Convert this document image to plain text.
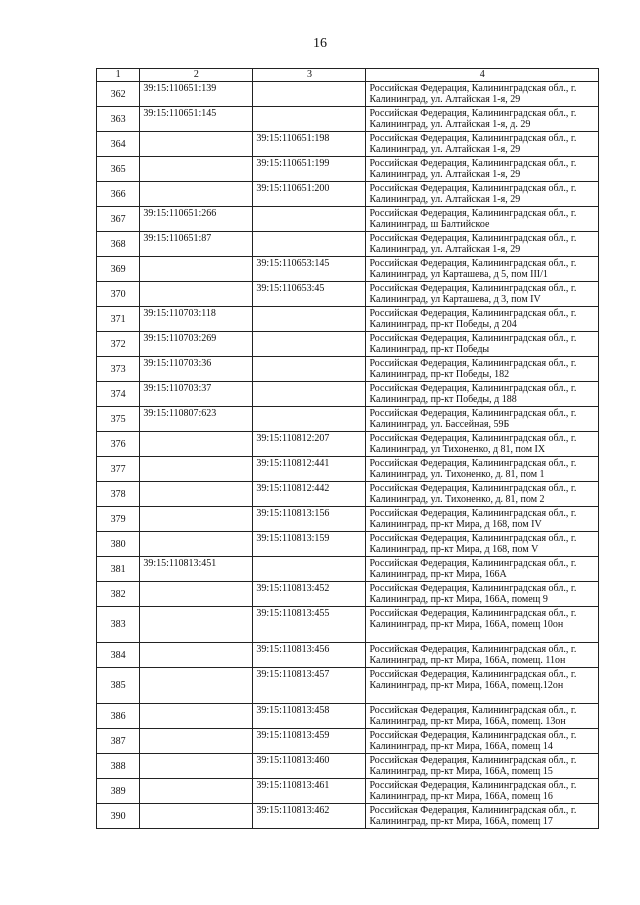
16
1	2	3	4
362	39:15:110651:139		Российская Федерация, Калининградская обл., г. Калининград, ул. Алтайская 1-я, 29
363	39:15:110651:145		Российская Федерация, Калининградская обл., г. Калининград, ул. Алтайская 1-я, д. 29
364		39:15:110651:198	Российская Федерация, Калининградская обл., г. Калининград, ул. Алтайская 1-я, 29
365		39:15:110651:199	Российская Федерация, Калининградская обл., г. Калининград, ул. Алтайская 1-я, 29
366		39:15:110651:200	Российская Федерация, Калининградская обл., г. Калининград, ул. Алтайская 1-я, 29
367	39:15:110651:266		Российская Федерация, Калининградская обл., г. Калининград, ш Балтийское
368	39:15:110651:87		Российская Федерация, Калининградская обл., г. Калининград, ул. Алтайская 1-я, 29
369		39:15:110653:145	Российская Федерация, Калининградская обл., г. Калининград, ул Карташева, д 5, пом III/1
370		39:15:110653:45	Российская Федерация, Калининградская обл., г. Калининград, ул Карташева, д 3, пом IV
371	39:15:110703:118		Российская Федерация, Калининградская обл., г. Калининград, пр-кт Победы, д 204
372	39:15:110703:269		Российская Федерация, Калининградская обл., г. Калининград, пр-кт Победы
373	39:15:110703:36		Российская Федерация, Калининградская обл., г. Калининград, пр-кт Победы, 182
374	39:15:110703:37		Российская Федерация, Калининградская обл., г. Калининград, пр-кт Победы, д 188
375	39:15:110807:623		Российская Федерация, Калининградская обл., г. Калининград, ул. Бассейная, 59Б
376		39:15:110812:207	Российская Федерация, Калининградская обл., г. Калининград, ул Тихоненко, д 81, пом IX
377		39:15:110812:441	Российская Федерация, Калининградская обл., г. Калининград, ул. Тихоненко, д. 81, пом 1
378		39:15:110812:442	Российская Федерация, Калининградская обл., г. Калининград, ул. Тихоненко, д. 81, пом 2
379		39:15:110813:156	Российская Федерация, Калининградская обл., г. Калининград, пр-кт Мира, д 168, пом IV
380		39:15:110813:159	Российская Федерация, Калининградская обл., г. Калининград, пр-кт Мира, д 168, пом V
381	39:15:110813:451		Российская Федерация, Калининградская обл., г. Калининград, пр-кт Мира, 166А
382		39:15:110813:452	Российская Федерация, Калининградская обл., г. Калининград, пр-кт Мира, 166А, помещ 9
383		39:15:110813:455	Российская Федерация, Калининградская обл., г. Калининград, пр-кт Мира, 166А, помещ 10он
384		39:15:110813:456	Российская Федерация, Калининградская обл., г. Калининград, пр-кт Мира, 166А, помещ. 11он
385		39:15:110813:457	Российская Федерация, Калининградская обл., г. Калининград, пр-кт Мира, 166А, помещ.12он
386		39:15:110813:458	Российская Федерация, Калининградская обл., г. Калининград, пр-кт Мира, 166А, помещ. 13он
387		39:15:110813:459	Российская Федерация, Калининградская обл., г. Калининград, пр-кт Мира, 166А, помещ 14
388		39:15:110813:460	Российская Федерация, Калининградская обл., г. Калининград, пр-кт Мира, 166А, помещ 15
389		39:15:110813:461	Российская Федерация, Калининградская обл., г. Калининград, пр-кт Мира, 166А, помещ 16
390		39:15:110813:462	Российская Федерация, Калининградская обл., г. Калининград, пр-кт Мира, 166А, помещ 17
